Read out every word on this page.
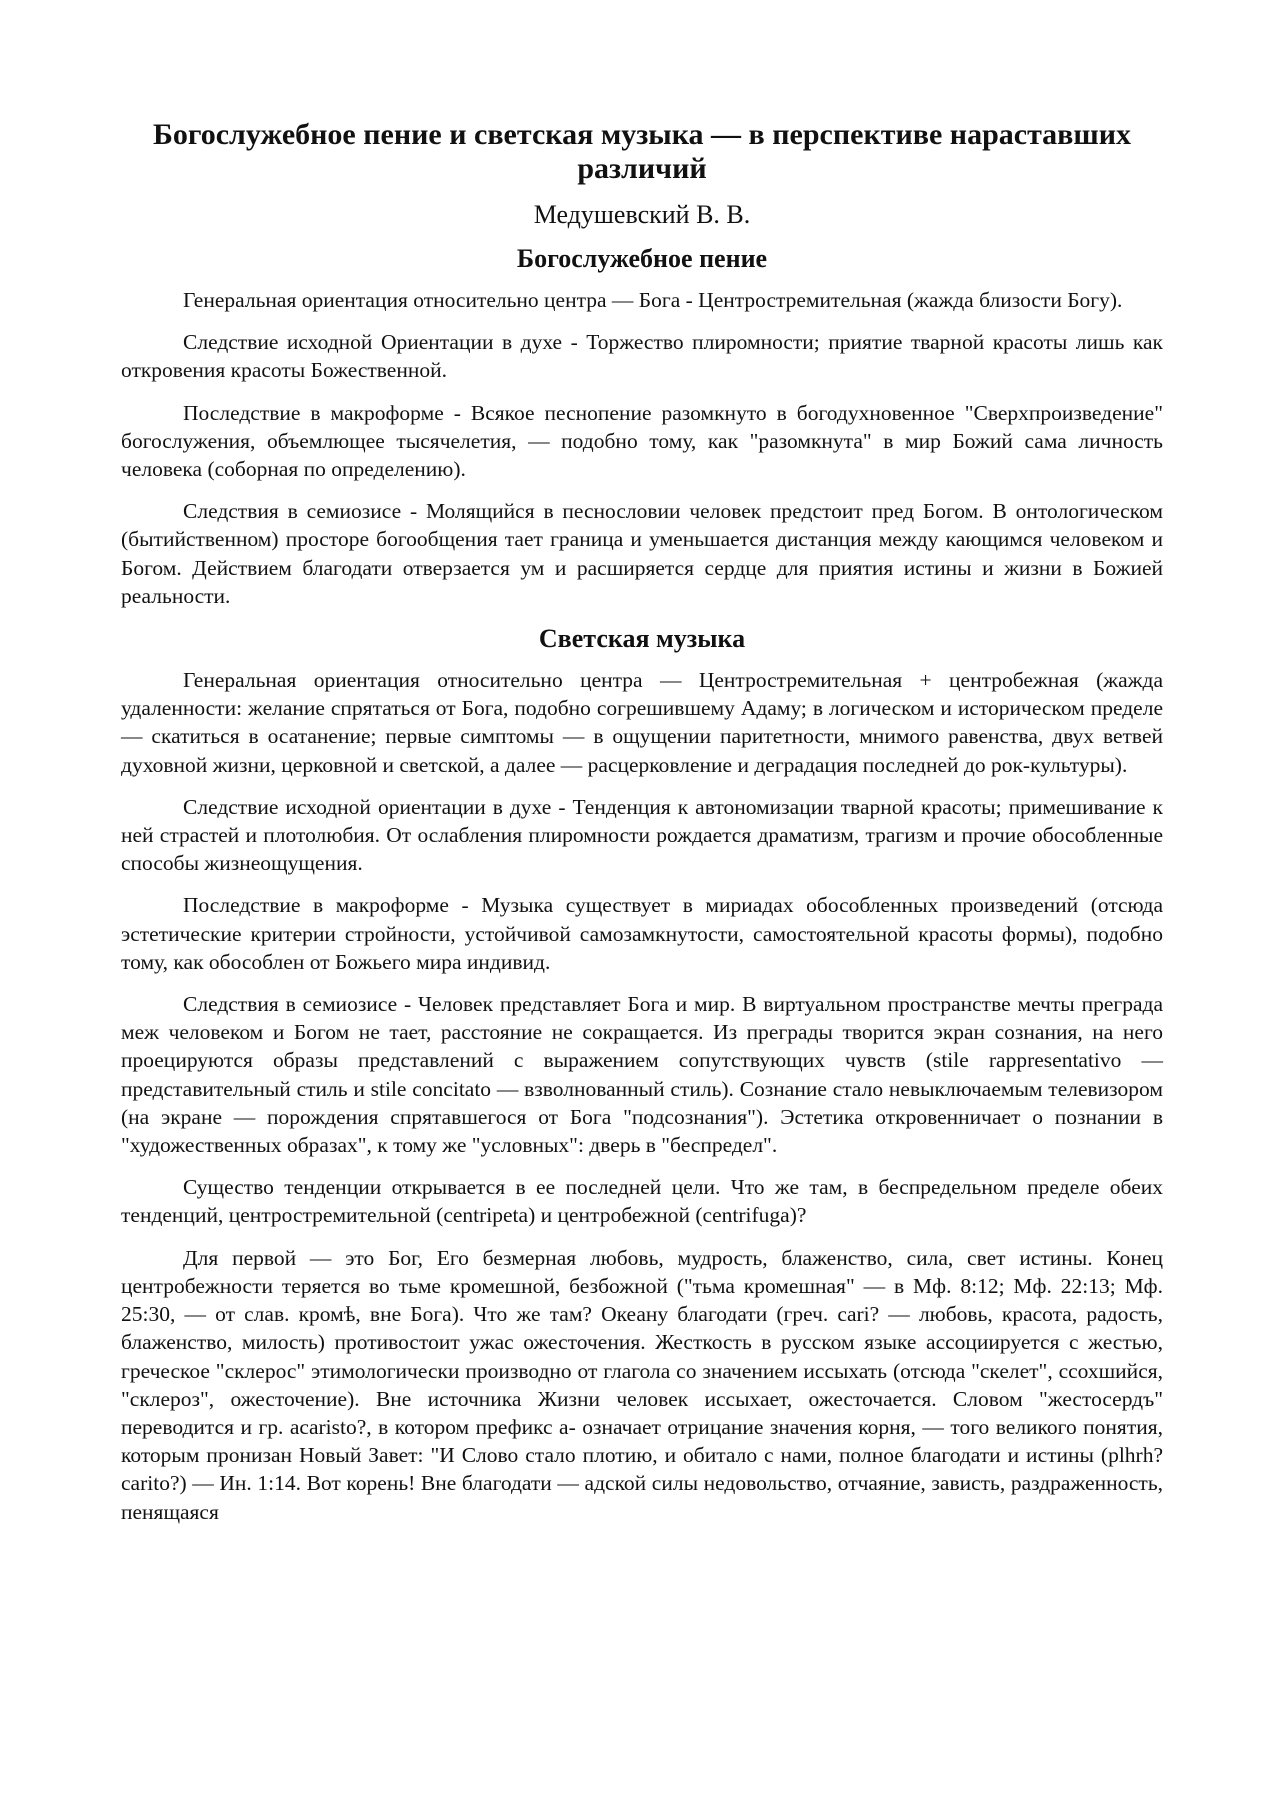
Богослужебное пение и светская музыка — в перспективе нараставших различий
Медушевский В. В.
Богослужебное пение

Генеральная ориентация относительно центра — Бога - Центростремительная (жажда близости Богу).

Следствие исходной Ориентации в духе - Торжество плиромности; приятие тварной красоты лишь как откровения красоты Божественной.

Последствие в макроформе - Всякое песнопение разомкнуто в богодухновенное "Сверхпроизведение" богослужения, объемлющее тысячелетия, — подобно тому, как "разомкнута" в мир Божий сама личность человека (соборная по определению).

Следствия в семиозисе - Молящийся в песнословии человек предстоит пред Богом. В онтологическом (бытийственном) просторе богообщения тает граница и уменьшается дистанция между кающимся человеком и Богом. Действием благодати отверзается ум и расширяется сердце для приятия истины и жизни в Божией реальности.

Светская музыка

Генеральная ориентация относительно центра — Центростремительная + центробежная (жажда удаленности: желание спрятаться от Бога, подобно согрешившему Адаму; в логическом и историческом пределе — скатиться в осатанение; первые симптомы — в ощущении паритетности, мнимого равенства, двух ветвей духовной жизни, церковной и светской, а далее — расцерковление и деградация последней до рок-культуры).

Следствие исходной ориентации в духе - Тенденция к автономизации тварной красоты; примешивание к ней страстей и плотолюбия. От ослабления плиромности рождается драматизм, трагизм и прочие обособленные способы жизнеощущения.

Последствие в макроформе - Музыка существует в мириадах обособленных произведений (отсюда эстетические критерии стройности, устойчивой самозамкнутости, самостоятельной красоты формы), подобно тому, как обособлен от Божьего мира индивид.

Следствия в семиозисе - Человек представляет Бога и мир. В виртуальном пространстве мечты преграда меж человеком и Богом не тает, расстояние не сокращается. Из преграды творится экран сознания, на него проецируются образы представлений с выражением сопутствующих чувств (stile rappresentativo — представительный стиль и stile concitato — взволнованный стиль). Сознание стало невыключаемым телевизором (на экране — порождения спрятавшегося от Бога "подсознания"). Эстетика откровенничает о познании в "художественных образах", к тому же "условных": дверь в "беспредел".

Существо тенденции открывается в ее последней цели. Что же там, в беспредельном пределе обеих тенденций, центростремительной (centripeta) и центробежной (centrifuga)?

Для первой — это Бог, Его безмерная любовь, мудрость, блаженство, сила, свет истины. Конец центробежности теряется во тьме кромешной, безбожной ("тьма кромешная" — в Мф. 8:12; Мф. 22:13; Мф. 25:30, — от слав. кромѣ, вне Бога). Что же там? Океану благодати (греч. cari? — любовь, красота, радость, блаженство, милость) противостоит ужас ожесточения. Жесткость в русском языке ассоциируется с жестью, греческое "склерос" этимологически производно от глагола со значением иссыхать (отсюда "скелет", ссохшийся, "склероз", ожесточение). Вне источника Жизни человек иссыхает, ожесточается. Словом "жестосердъ" переводится и гр. acaristo?, в котором префикс а- означает отрицание значения корня, — того великого понятия, которым пронизан Новый Завет: "И Слово стало плотию, и обитало с нами, полное благодати и истины (plhrh? carito?) — Ин. 1:14. Вот корень! Вне благодати — адской силы недовольство, отчаяние, зависть, раздраженность, пенящаяся
